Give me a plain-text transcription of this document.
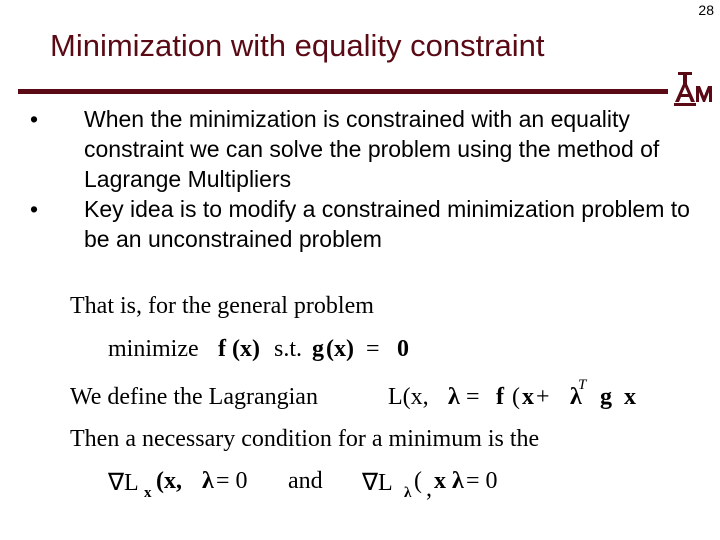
28
Minimization with equality constraint
•	When the minimization is constrained with an equality constraint we can solve the problem using the method of Lagrange Multipliers
•	Key idea is to modify a constrained minimization problem to be an unconstrained problem
That is, for the general problem
minimize f (x) s.t. g (x) = 0
We define the Lagrangian	L(x, λ = f ( x + T
λ g x
Then a necessary condition for a minimum is the
∇L x (x, λ = 0 and ∇L λ ( , x λ = 0
